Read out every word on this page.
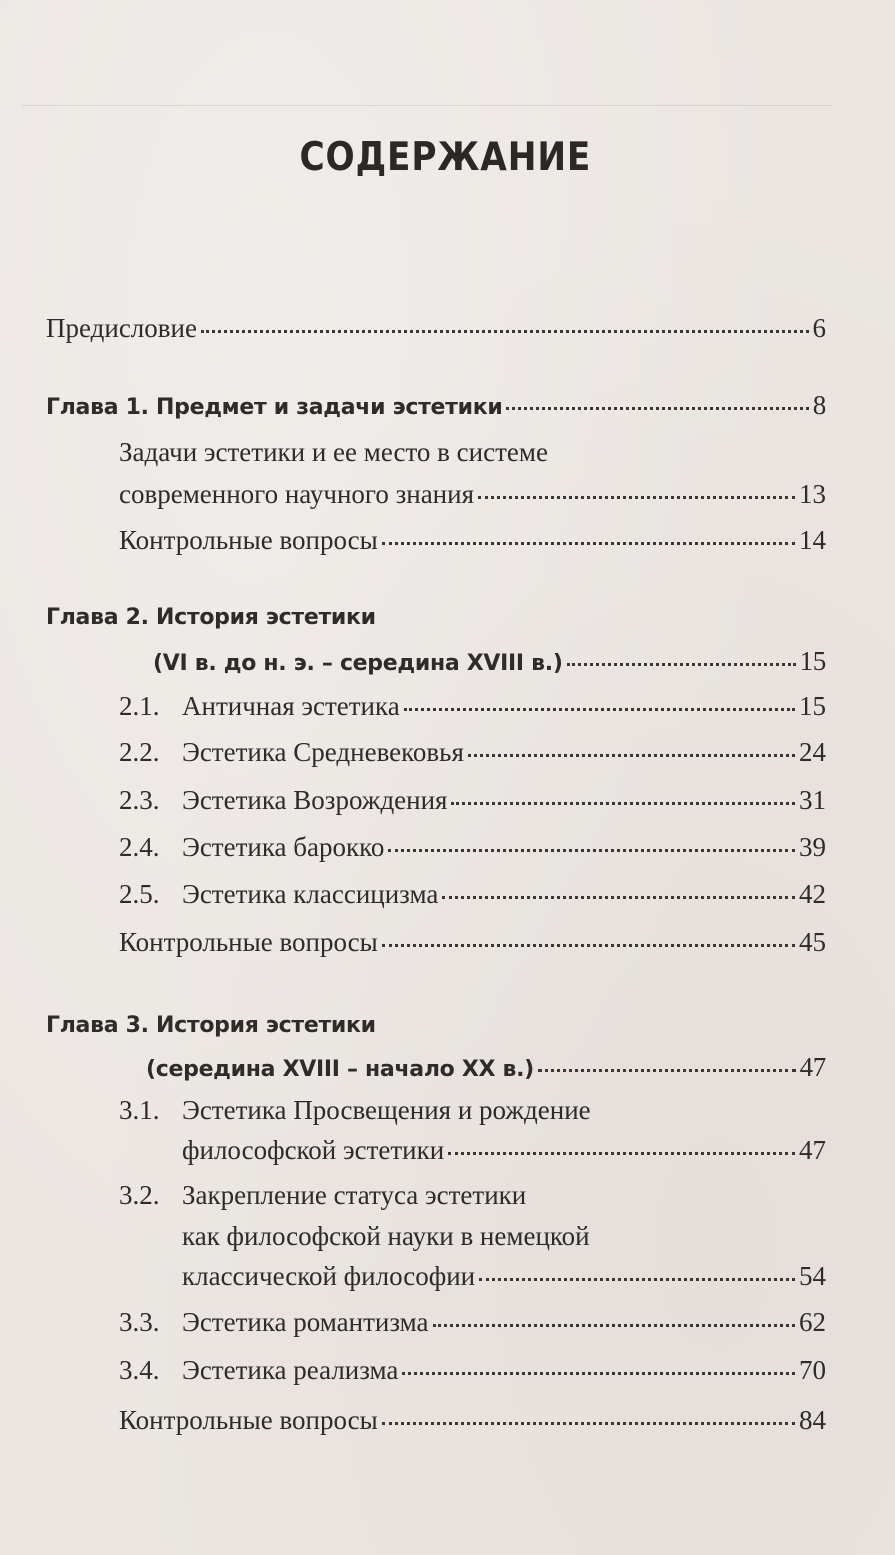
СОДЕРЖАНИЕ
Предисловие	6
Глава 1. Предмет и задачи эстетики	8
Задачи эстетики и ее место в системе
современного научного знания	13
Контрольные вопросы	14
Глава 2. История эстетики
(VI в. до н. э. – середина XVIII в.)	15
2.1. Античная эстетика	15
2.2. Эстетика Средневековья	24
2.3. Эстетика Возрождения	31
2.4. Эстетика барокко	39
2.5. Эстетика классицизма	42
Контрольные вопросы	45
Глава 3. История эстетики
(середина XVIII – начало XX в.)	47
3.1. Эстетика Просвещения и рождение
философской эстетики	47
3.2. Закрепление статуса эстетики
как философской науки в немецкой
классической философии	54
3.3. Эстетика романтизма	62
3.4. Эстетика реализма	70
Контрольные вопросы	84
